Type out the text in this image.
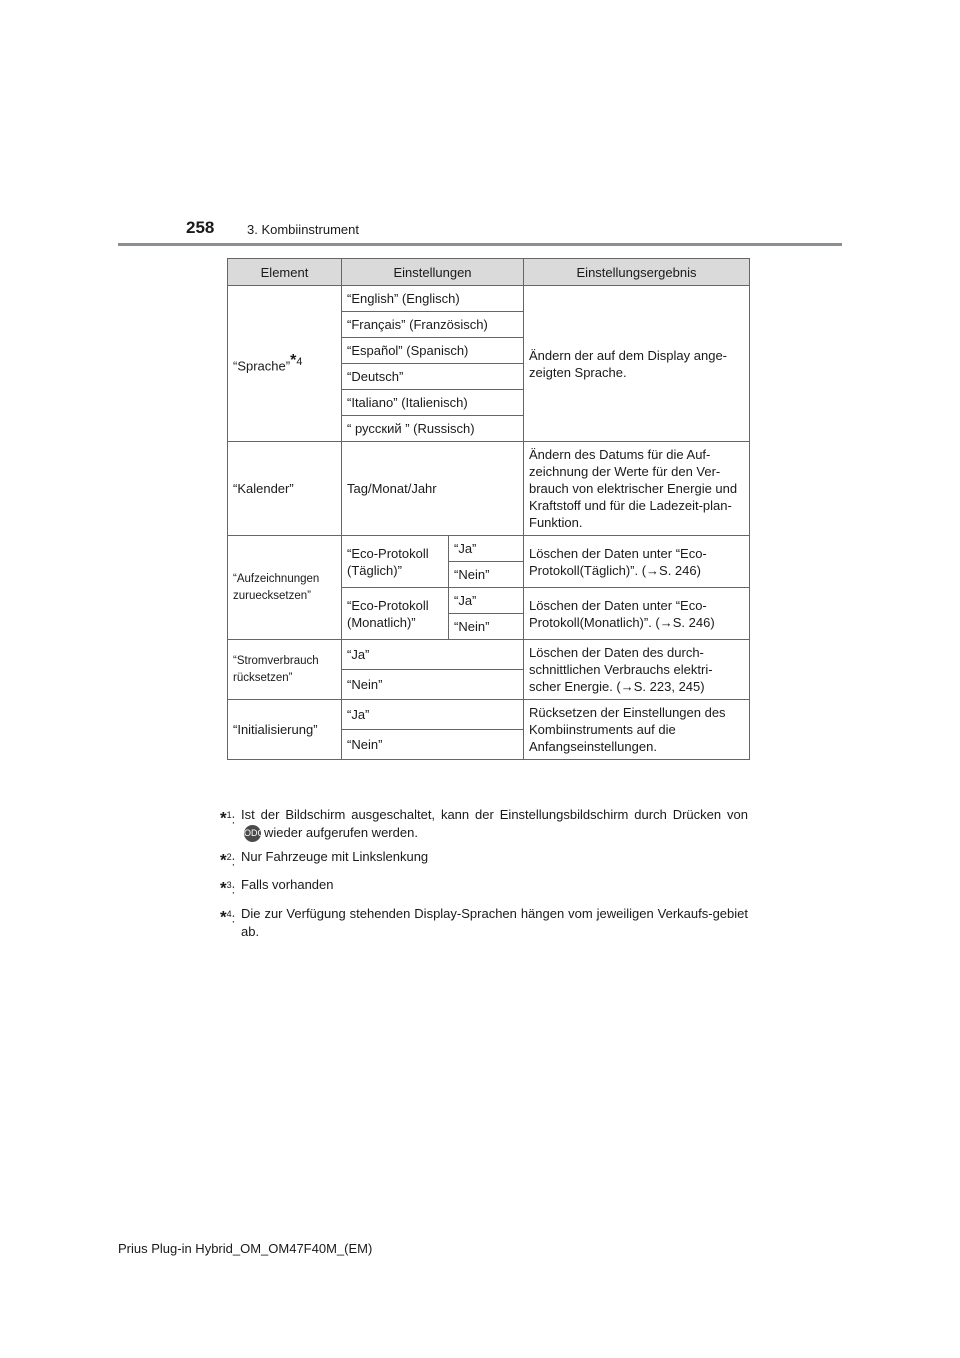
258	3. Kombiinstrument
Element	Einstellungen		Einstellungsergebnis
“Sprache”$^{*4}$	“English” (Englisch)		Ändern der auf dem Display ange-zeigten Sprache.
	“Français” (Französisch)		
	“Español” (Spanisch)		
	“Deutsch”		
	“Italiano” (Italienisch)		
	“ русский ” (Russisch)		
“Kalender”	Tag/Monat/Jahr		Ändern des Datums für die Auf-zeichnung der Werte für den Ver-brauch von elektrischer Energie und Kraftstoff und für die Ladezeit-plan-Funktion.
“Aufzeichnungen zuruecksetzen”	“Eco-Protokoll (Täglich)”	“Ja”	Löschen der Daten unter “Eco-Protokoll(Täglich)”. (→S. 246)
		“Nein”	
	“Eco-Protokoll (Monatlich)”	“Ja”	Löschen der Daten unter “Eco-Protokoll(Monatlich)”. (→S. 246)
		“Nein”	
“Stromverbrauch rücksetzen”	“Ja”		Löschen der Daten des durch-schnittlichen Verbrauchs elektri-scher Energie. (→S. 223, 245)
	“Nein”		
“Initialisierung”	“Ja”		Rücksetzen der Einstellungen des Kombiinstruments auf die Anfangseinstellungen.
	“Nein”		
*$^1$: Ist der Bildschirm ausgeschaltet, kann der Einstellungsbildschirm durch Drücken vonODOwieder aufgerufen werden.
*$^2$: Nur Fahrzeuge mit Linkslenkung
*$^3$: Falls vorhanden
*$^4$: Die zur Verfügung stehenden Display-Sprachen hängen vom jeweiligen Verkaufs-gebiet ab.
Prius Plug-in Hybrid_OM_OM47F40M_(EM)
